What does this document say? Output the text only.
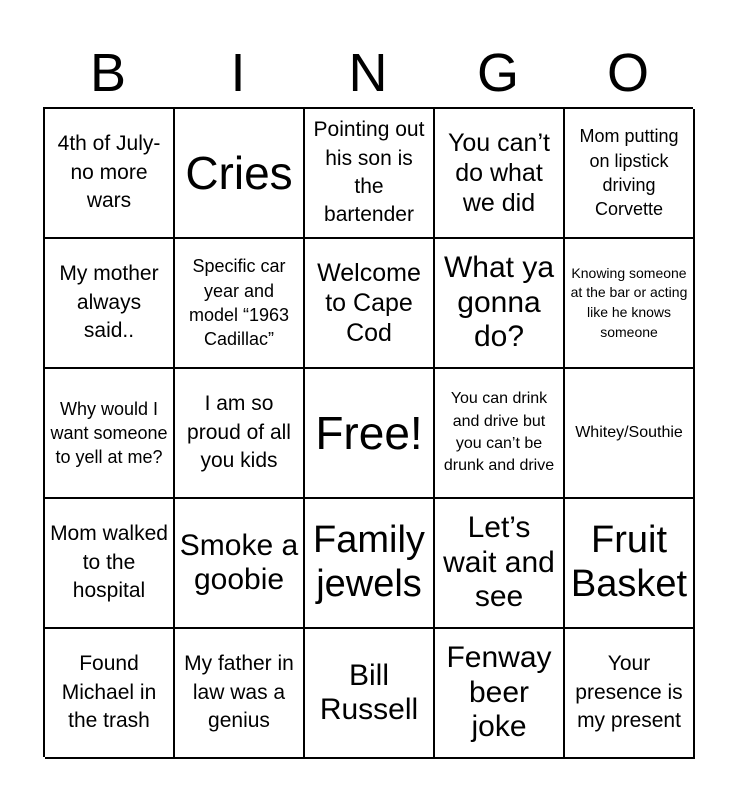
B	I	N	G	O
4th of July- no more wars
Cries
Pointing out his son is the bartender
You can’t do what we did
Mom putting on lipstick driving Corvette
My mother always said..
Specific car year and model “1963 Cadillac”
Welcome to Cape Cod
What ya gonna do?
Knowing someone at the bar or acting like he knows someone
Why would I want someone to yell at me?
I am so proud of all you kids
Free!
You can drink and drive but you can’t be drunk and drive
Whitey/Southie
Mom walked to the hospital
Smoke a goobie
Family jewels
Let’s wait and see
Fruit Basket
Found Michael in the trash
My father in law was a genius
Bill Russell
Fenway beer joke
Your presence is my present
